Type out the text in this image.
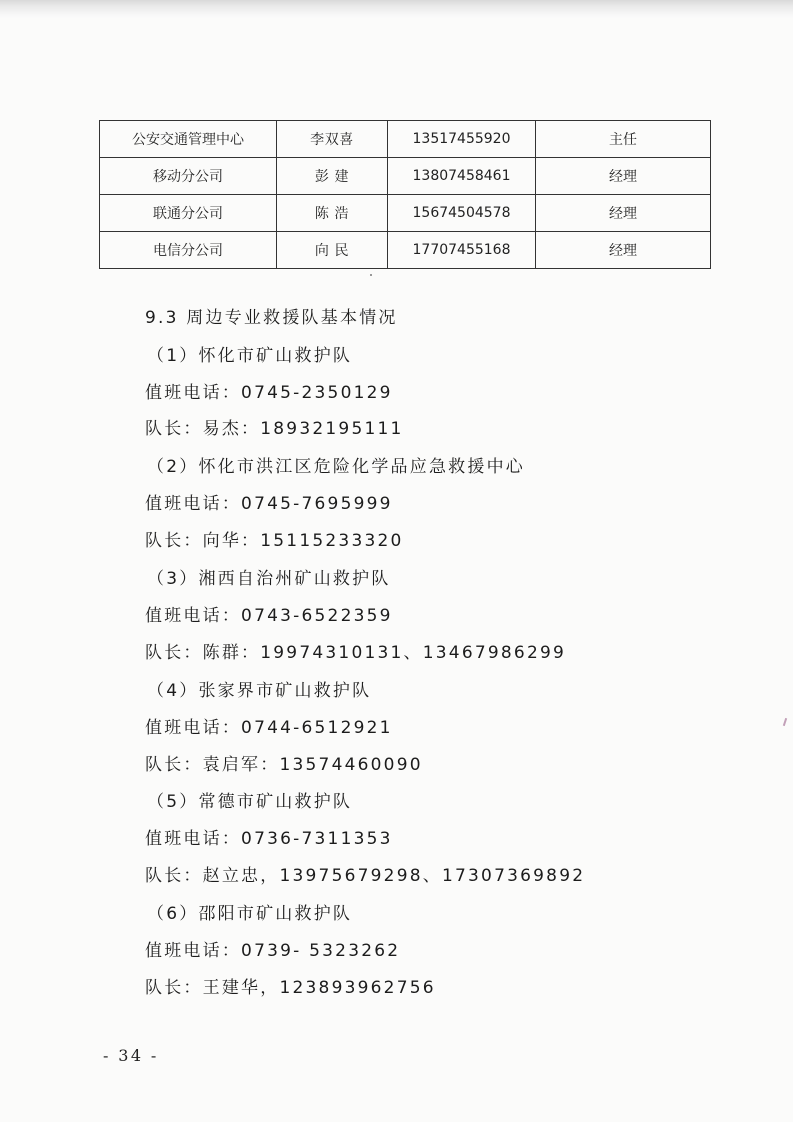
公安交通管理中心	李双喜	13517455920	主任
移动分公司	彭 建	13807458461	经理
联通分公司	陈 浩	15674504578	经理
电信分公司	向 民	17707455168	经理
9.3 周边专业救援队基本情况
（1）怀化市矿山救护队
值班电话：0745-2350129
队长：易杰：18932195111
（2）怀化市洪江区危险化学品应急救援中心
值班电话：0745-7695999
队长：向华：15115233320
（3）湘西自治州矿山救护队
值班电话：0743-6522359
队长：陈群：19974310131、13467986299
（4）张家界市矿山救护队
值班电话：0744-6512921
队长：袁启军：13574460090
（5）常德市矿山救护队
值班电话：0736-7311353
队长：赵立忠，13975679298、17307369892
（6）邵阳市矿山救护队
值班电话：0739- 5323262
队长：王建华，123893962756
- 34 -
